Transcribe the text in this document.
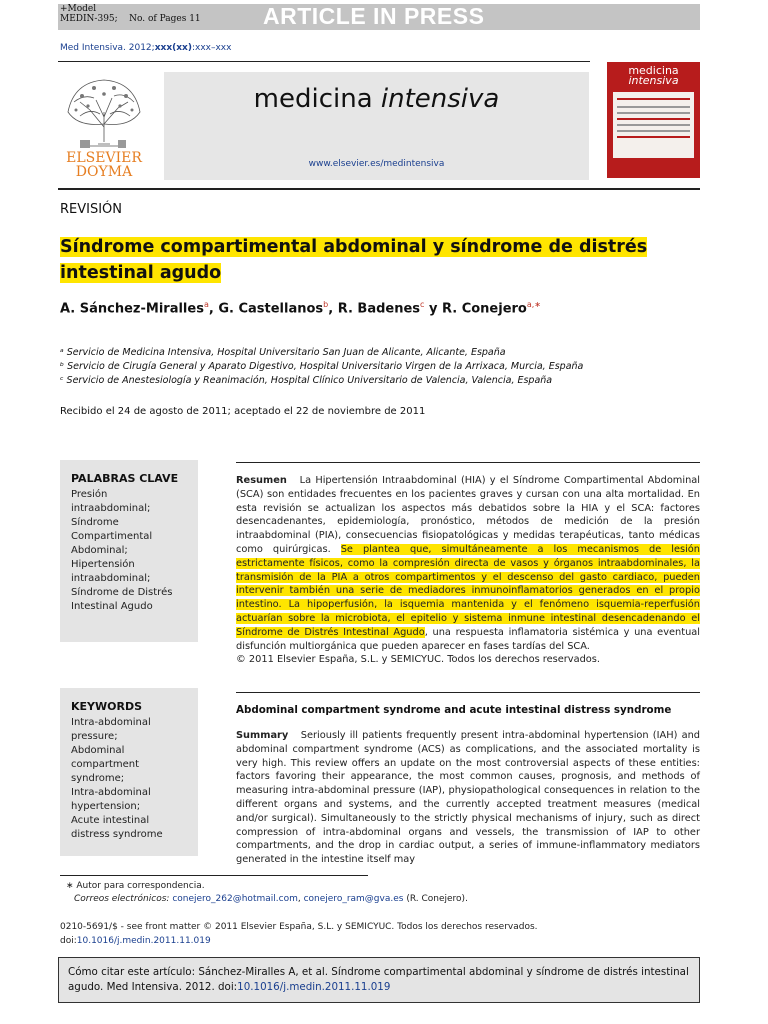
+Model
MEDIN-395; No. of Pages 11	ARTICLE IN PRESS
Med Intensiva. 2012;xxx(xx):xxx–xxx
ELSEVIER
DOYMA
medicina intensiva
www.elsevier.es/medintensiva
medicina
intensiva
REVISIÓN
Síndrome compartimental abdominal y síndrome de distrés intestinal agudo
A. Sánchez-Miralles$^a$, G. Castellanos$^b$, R. Badenes$^c$ y R. Conejero$^{a,∗}$
ᵃ Servicio de Medicina Intensiva, Hospital Universitario San Juan de Alicante, Alicante, España
ᵇ Servicio de Cirugía General y Aparato Digestivo, Hospital Universitario Virgen de la Arrixaca, Murcia, España
ᶜ Servicio de Anestesiología y Reanimación, Hospital Clínico Universitario de Valencia, Valencia, España
Recibido el 24 de agosto de 2011; aceptado el 22 de noviembre de 2011
PALABRAS CLAVE
Presión
intraabdominal;
Síndrome
Compartimental
Abdominal;
Hipertensión
intraabdominal;
Síndrome de Distrés
Intestinal Agudo
KEYWORDS
Intra-abdominal
pressure;
Abdominal
compartment
syndrome;
Intra-abdominal
hypertension;
Acute intestinal
distress syndrome
Resumen La Hipertensión Intraabdominal (HIA) y el Síndrome Compartimental Abdominal (SCA) son entidades frecuentes en los pacientes graves y cursan con una alta mortalidad. En esta revisión se actualizan los aspectos más debatidos sobre la HIA y el SCA: factores desencadenantes, epidemiología, pronóstico, métodos de medición de la presión intraabdominal (PIA), consecuencias fisiopatológicas y medidas terapéuticas, tanto médicas como quirúrgicas. Se plantea que, simultáneamente a los mecanismos de lesión estrictamente físicos, como la compresión directa de vasos y órganos intraabdominales, la transmisión de la PIA a otros compartimentos y el descenso del gasto cardiaco, pueden intervenir también una serie de mediadores inmunoinflamatorios generados en el propio intestino. La hipoperfusión, la isquemia mantenida y el fenómeno isquemia-reperfusión actuarían sobre la microbiota, el epitelio y sistema inmune intestinal desencadenando el Síndrome de Distrés Intestinal Agudo, una respuesta inflamatoria sistémica y una eventual disfunción multiorgánica que pueden aparecer en fases tardías del SCA.
© 2011 Elsevier España, S.L. y SEMICYUC. Todos los derechos reservados.
Abdominal compartment syndrome and acute intestinal distress syndrome
Summary Seriously ill patients frequently present intra-abdominal hypertension (IAH) and abdominal compartment syndrome (ACS) as complications, and the associated mortality is very high. This review offers an update on the most controversial aspects of these entities: factors favoring their appearance, the most common causes, prognosis, and methods of measuring intra-abdominal pressure (IAP), physiopathological consequences in relation to the different organs and systems, and the currently accepted treatment measures (medical and/or surgical). Simultaneously to the strictly physical mechanisms of injury, such as direct compression of intra-abdominal organs and vessels, the transmission of IAP to other compartments, and the drop in cardiac output, a series of immune-inflammatory mediators generated in the intestine itself may
∗ Autor para correspondencia.
Correos electrónicos: conejero_262@hotmail.com, conejero_ram@gva.es (R. Conejero).
0210-5691/$ - see front matter © 2011 Elsevier España, S.L. y SEMICYUC. Todos los derechos reservados.
doi:10.1016/j.medin.2011.11.019
Cómo citar este artículo: Sánchez-Miralles A, et al. Síndrome compartimental abdominal y síndrome de distrés intestinal agudo. Med Intensiva. 2012. doi:10.1016/j.medin.2011.11.019
